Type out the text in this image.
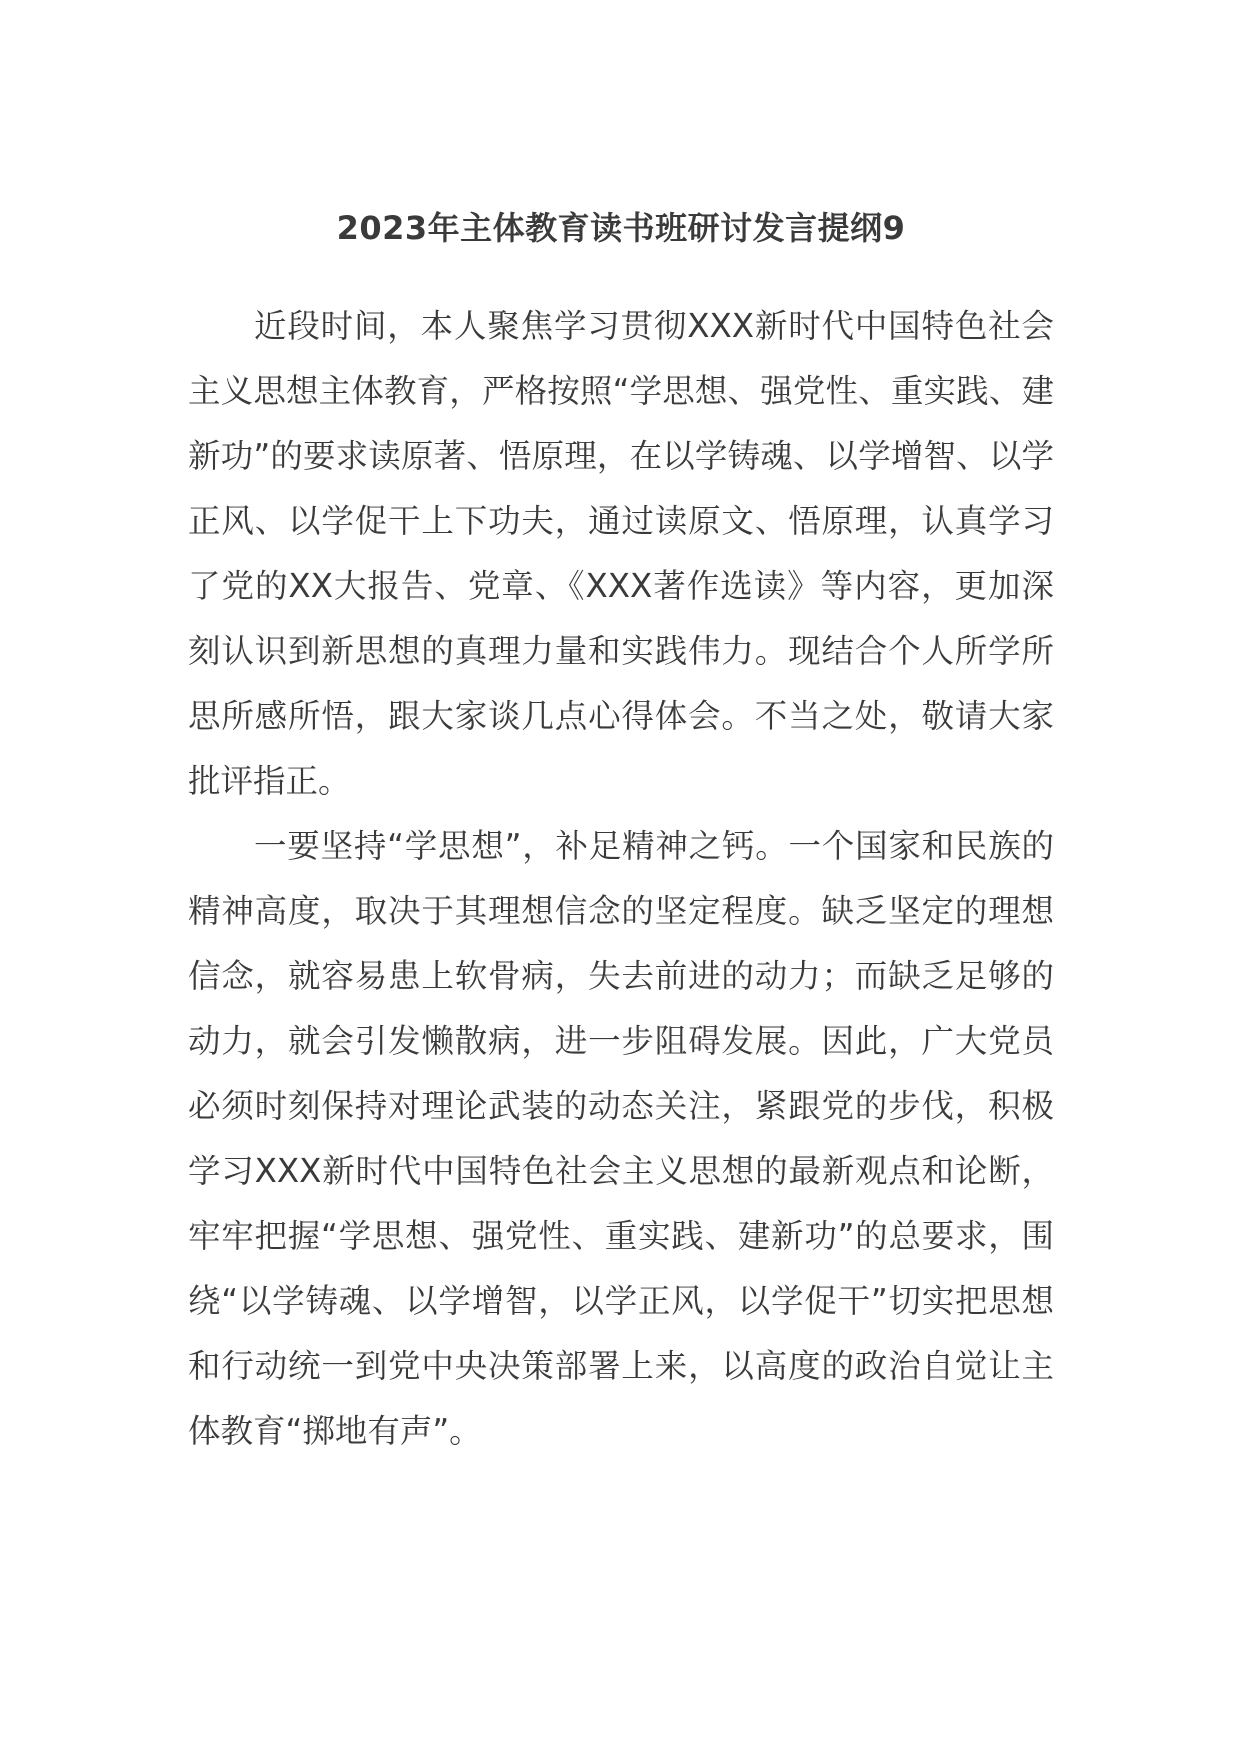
2023年主体教育读书班研讨发言提纲9

近段时间，本人聚焦学习贯彻XXX新时代中国特色社会主义思想主体教育，严格按照“学思想、强党性、重实践、建新功”的要求读原著、悟原理，在以学铸魂、以学增智、以学正风、以学促干上下功夫，通过读原文、悟原理，认真学习了党的XX大报告、党章、《XXX著作选读》等内容，更加深刻认识到新思想的真理力量和实践伟力。现结合个人所学所思所感所悟，跟大家谈几点心得体会。不当之处，敬请大家批评指正。

一要坚持“学思想”，补足精神之钙。一个国家和民族的精神高度，取决于其理想信念的坚定程度。缺乏坚定的理想信念，就容易患上软骨病，失去前进的动力；而缺乏足够的动力，就会引发懒散病，进一步阻碍发展。因此，广大党员必须时刻保持对理论武装的动态关注，紧跟党的步伐，积极学习XXX新时代中国特色社会主义思想的最新观点和论断，牢牢把握“学思想、强党性、重实践、建新功”的总要求，围绕“以学铸魂、以学增智，以学正风，以学促干”切实把思想和行动统一到党中央决策部署上来，以高度的政治自觉让主体教育“掷地有声”。
